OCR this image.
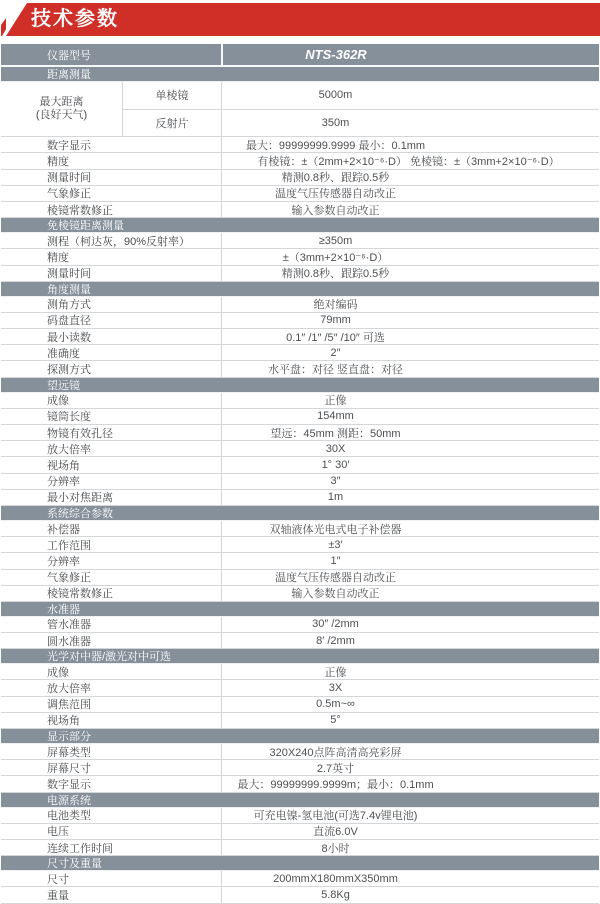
技术参数
仪器型号	NTS-362R
距离测量
最大距离
(良好天气)
单棱镜	5000m
反射片	350m
数字显示	最大：99999999.9999 最小：0.1mm
精度	有棱镜：±（2mm+2×10⁻⁶·D） 免棱镜：±（3mm+2×10⁻⁶·D）
测量时间	精测0.8秒、跟踪0.5秒
气象修正	温度气压传感器自动改正
棱镜常数修正	输入参数自动改正
免棱镜距离测量
测程（柯达灰，90%反射率）	≥350m
精度	±（3mm+2×10⁻⁶·D）
测量时间	精测0.8秒、跟踪0.5秒
角度测量
测角方式	绝对编码
码盘直径	79mm
最小读数	0.1″ /1″ /5″ /10″ 可选
准确度	2″
探测方式	水平盘：对径 竖直盘：对径
望远镜
成像	正像
镜筒长度	154mm
物镜有效孔径	望远：45mm 测距：50mm
放大倍率	30X
视场角	1° 30′
分辨率	3″
最小对焦距离	1m
系统综合参数
补偿器	双轴液体光电式电子补偿器
工作范围	±3′
分辨率	1″
气象修正	温度气压传感器自动改正
棱镜常数修正	输入参数自动改正
水准器
管水准器	30″ /2mm
圆水准器	8′ /2mm
光学对中器/激光对中可选
成像	正像
放大倍率	3X
调焦范围	0.5m~∞
视场角	5°
显示部分
屏幕类型	320X240点阵高清高亮彩屏
屏幕尺寸	2.7英寸
数字显示	最大：99999999.9999m；最小：0.1mm
电源系统
电池类型	可充电镍-氢电池(可选7.4v锂电池)
电压	直流6.0V
连续工作时间	8小时
尺寸及重量
尺寸	200mmX180mmX350mm
重量	5.8Kg
